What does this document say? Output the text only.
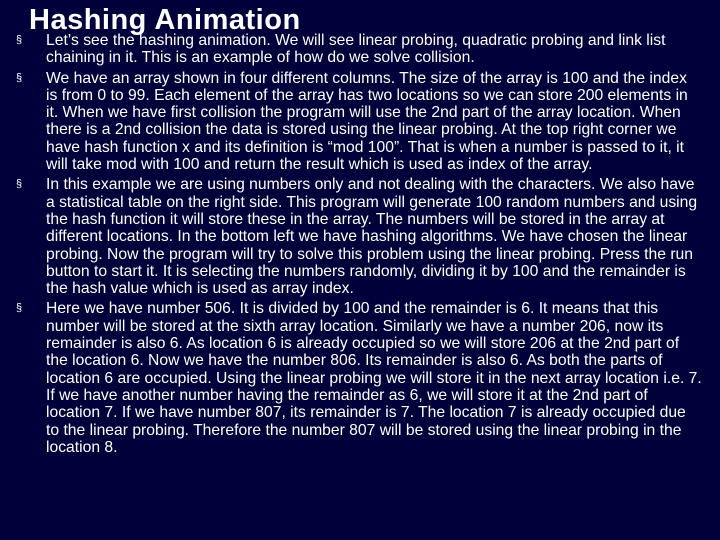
Hashing Animation
§ Let’s see the hashing animation. We will see linear probing, quadratic probing and link list chaining in it. This is an example of how do we solve collision.
§ We have an array shown in four different columns. The size of the array is 100 and the index is from 0 to 99. Each element of the array has two locations so we can store 200 elements in it. When we have first collision the program will use the 2nd part of the array location. When there is a 2nd collision the data is stored using the linear probing. At the top right corner we have hash function x and its definition is “mod 100”. That is when a number is passed to it, it will take mod with 100 and return the result which is used as index of the array.
§ In this example we are using numbers only and not dealing with the characters. We also have a statistical table on the right side. This program will generate 100 random numbers and using the hash function it will store these in the array. The numbers will be stored in the array at different locations. In the bottom left we have hashing algorithms. We have chosen the linear probing. Now the program will try to solve this problem using the linear probing. Press the run button to start it. It is selecting the numbers randomly, dividing it by 100 and the remainder is the hash value which is used as array index.
§ Here we have number 506. It is divided by 100 and the remainder is 6. It means that this number will be stored at the sixth array location. Similarly we have a number 206, now its remainder is also 6. As location 6 is already occupied so we will store 206 at the 2nd part of the location 6. Now we have the number 806. Its remainder is also 6. As both the parts of location 6 are occupied. Using the linear probing we will store it in the next array location i.e. 7. If we have another number having the remainder as 6, we will store it at the 2nd part of location 7. If we have number 807, its remainder is 7. The location 7 is already occupied due to the linear probing. Therefore the number 807 will be stored using the linear probing in the location 8.
